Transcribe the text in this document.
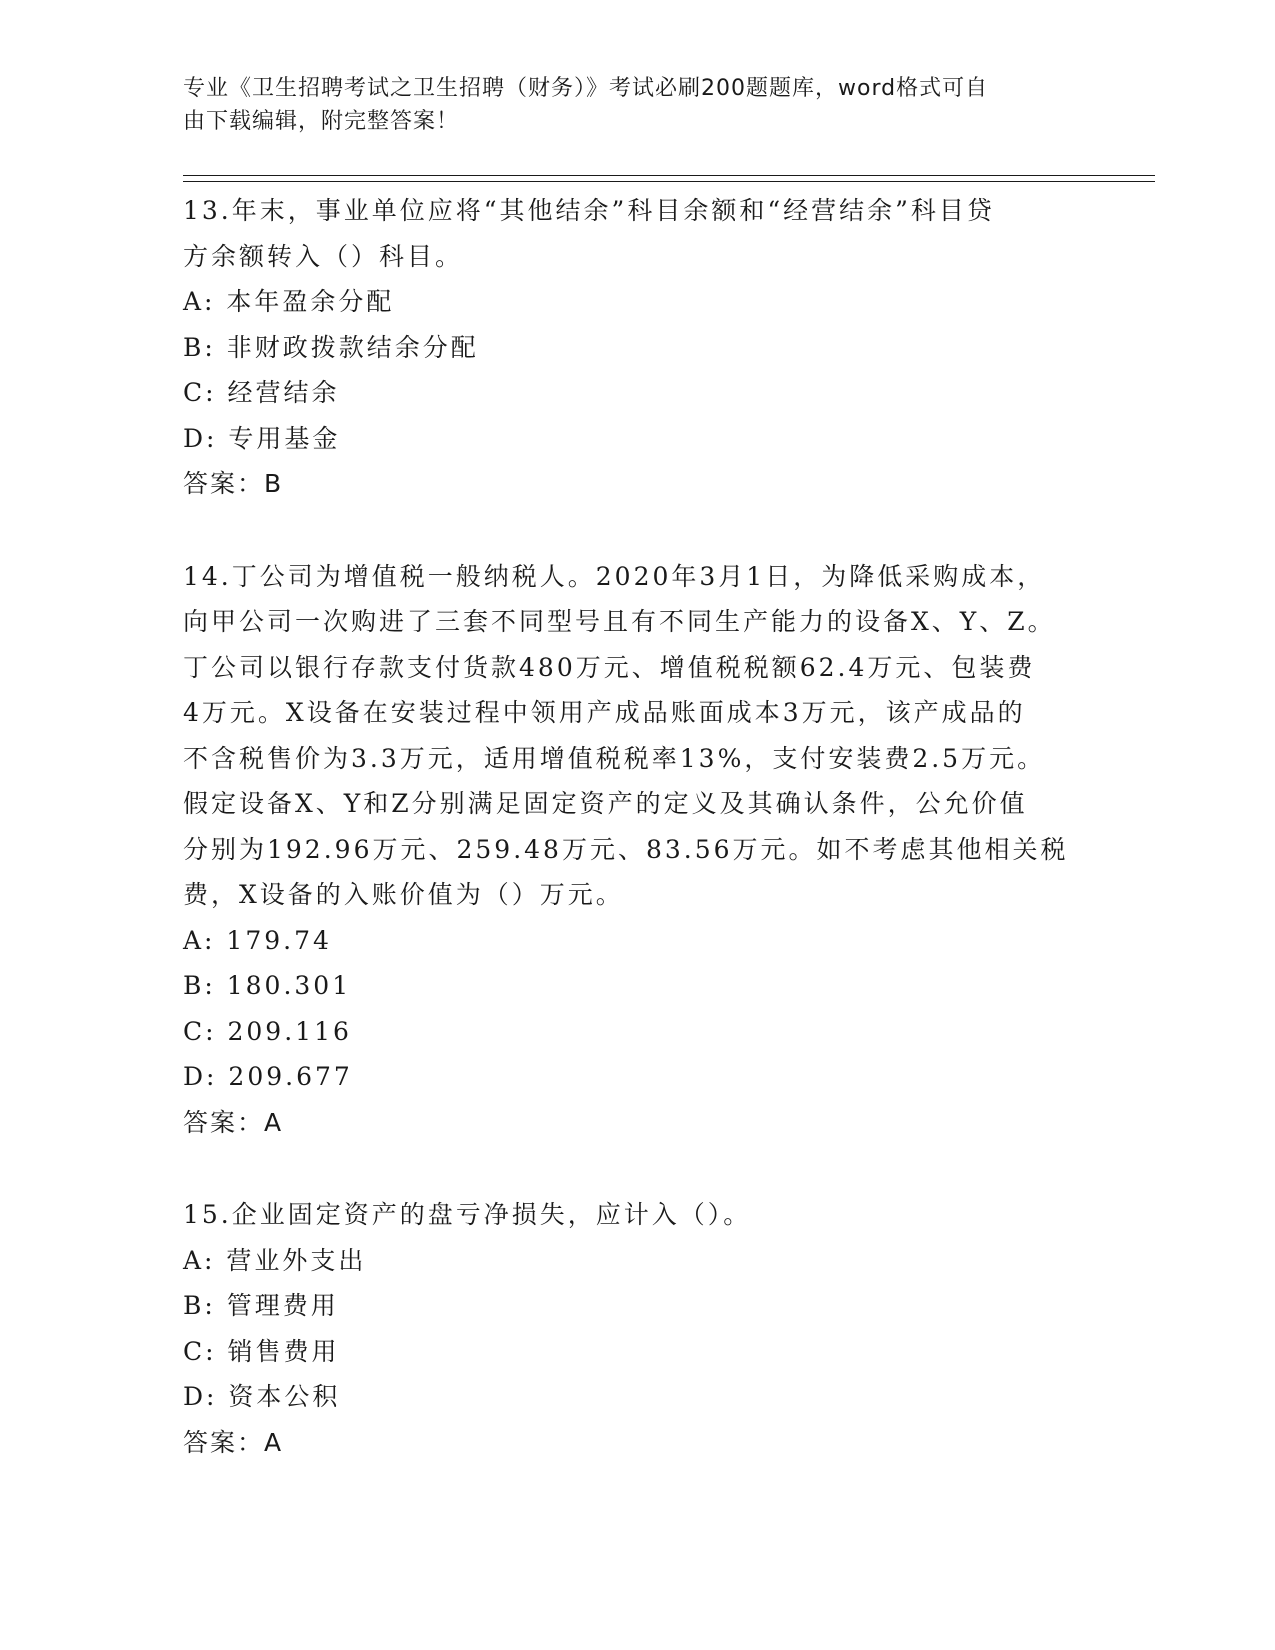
专业《卫生招聘考试之卫生招聘（财务）》考试必刷200题题库，word格式可自
由下载编辑，附完整答案！
13.年末，事业单位应将“其他结余”科目余额和“经营结余”科目贷
方余额转入（）科目。
A: 本年盈余分配
B: 非财政拨款结余分配
C: 经营结余
D: 专用基金
答案：B
14.丁公司为增值税一般纳税人。2020年3月1日，为降低采购成本，
向甲公司一次购进了三套不同型号且有不同生产能力的设备X、Y、Z。
丁公司以银行存款支付货款480万元、增值税税额62.4万元、包装费
4万元。X设备在安装过程中领用产成品账面成本3万元，该产成品的
不含税售价为3.3万元，适用增值税税率13%，支付安装费2.5万元。
假定设备X、Y和Z分别满足固定资产的定义及其确认条件，公允价值
分别为192.96万元、259.48万元、83.56万元。如不考虑其他相关税
费，X设备的入账价值为（）万元。
A: 179.74
B: 180.301
C: 209.116
D: 209.677
答案：A
15.企业固定资产的盘亏净损失，应计入（）。
A: 营业外支出
B: 管理费用
C: 销售费用
D: 资本公积
答案：A
